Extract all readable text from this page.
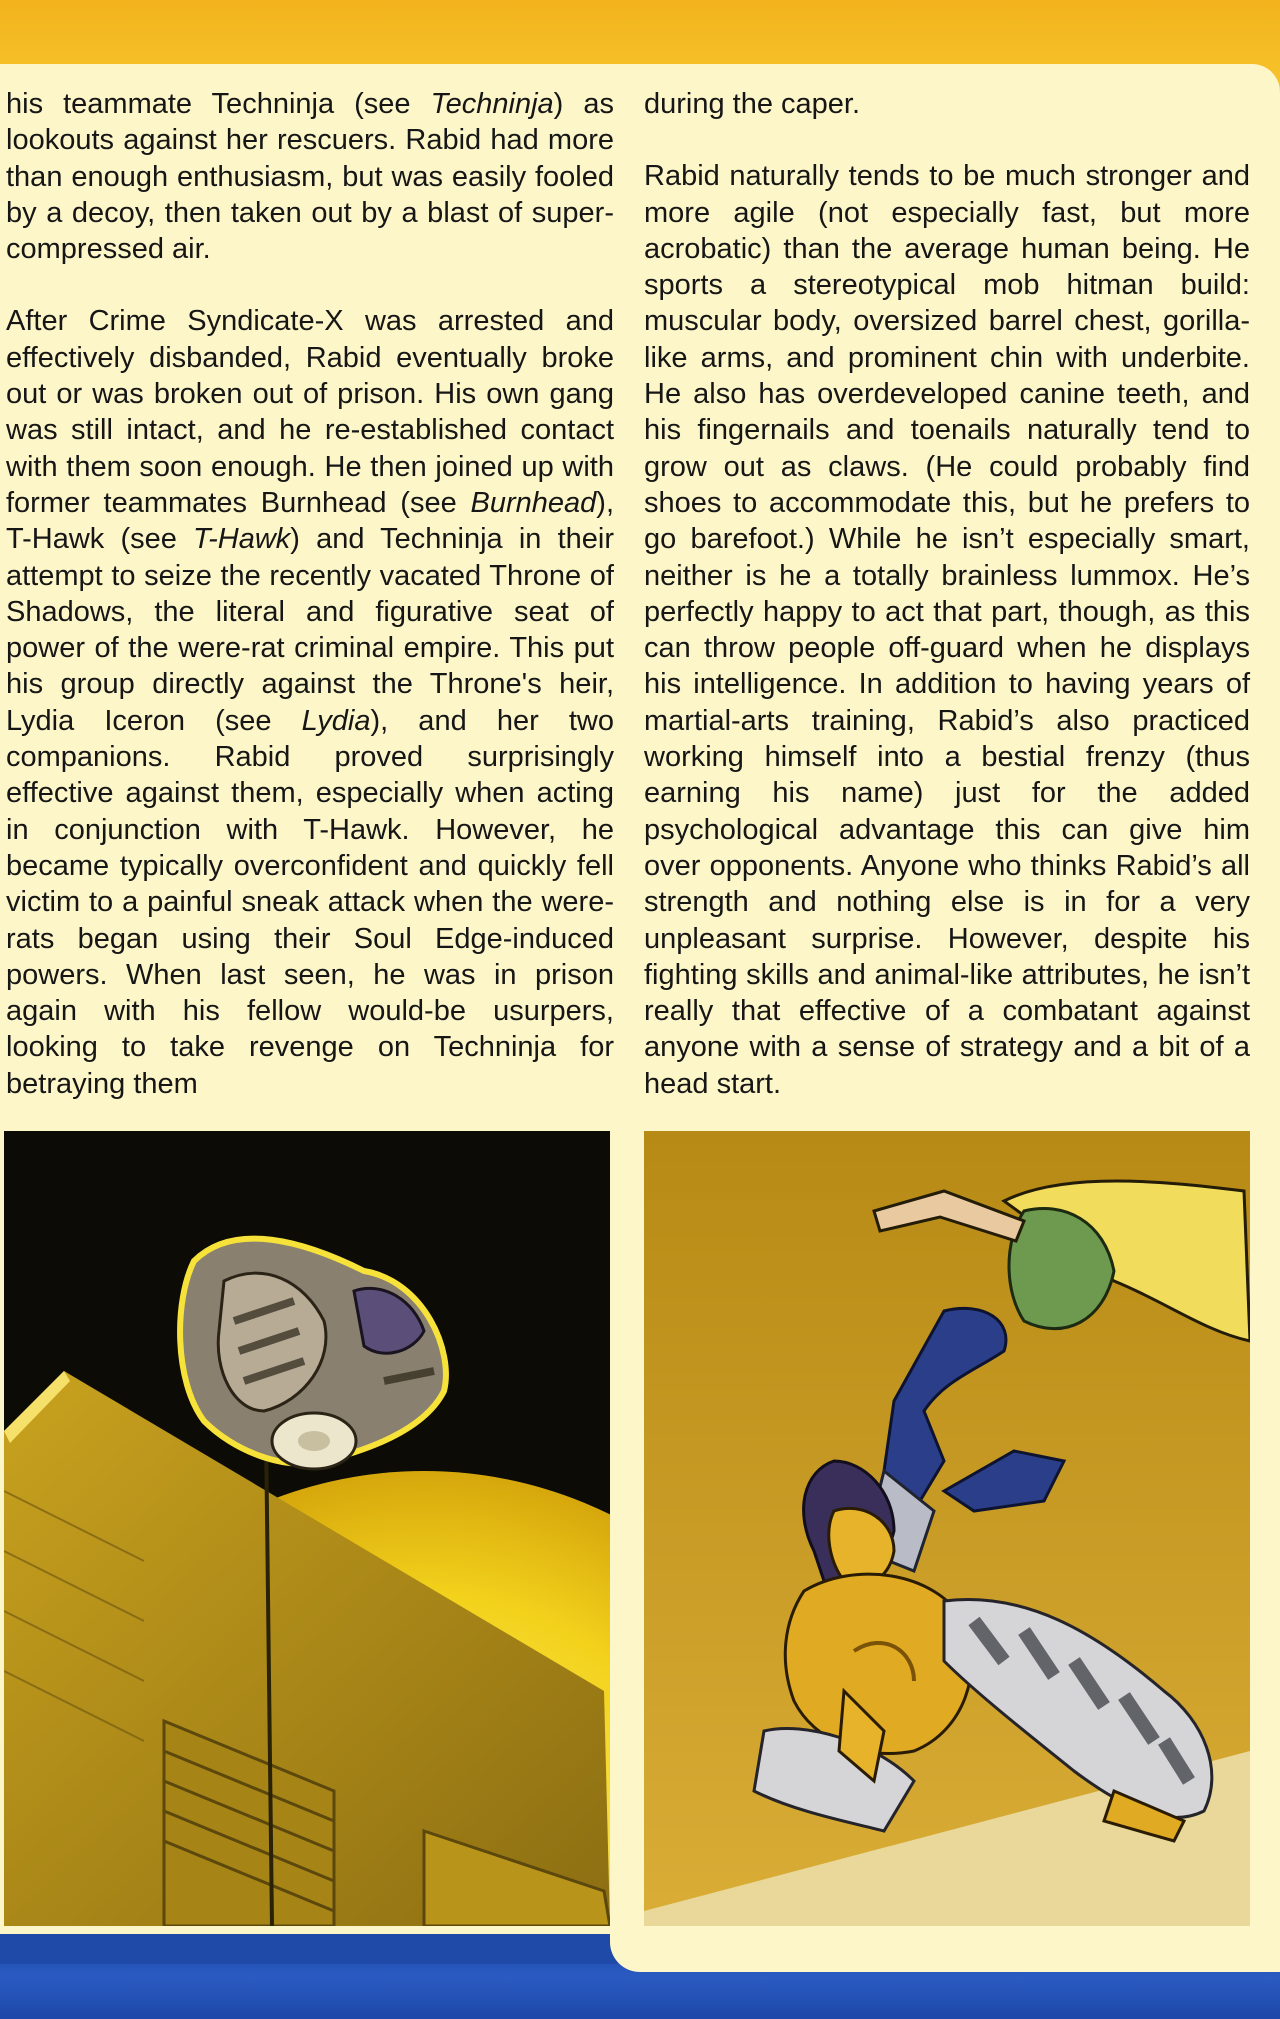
his teammate Techninja (see Techninja) as lookouts against her rescuers. Rabid had more than enough enthusiasm, but was easily fooled by a decoy, then taken out by a blast of super-compressed air.

After Crime Syndicate-X was arrested and effectively disbanded, Rabid eventually broke out or was broken out of prison. His own gang was still intact, and he re-established contact with them soon enough. He then joined up with former teammates Burnhead (see Burnhead), T-Hawk (see T-Hawk) and Techninja in their attempt to seize the recently vacated Throne of Shadows, the literal and figurative seat of power of the were-rat criminal empire. This put his group directly against the Throne's heir, Lydia Iceron (see Lydia), and her two companions. Rabid proved surprisingly effective against them, especially when acting in conjunction with T-Hawk. However, he became typically overconfident and quickly fell victim to a painful sneak attack when the were-rats began using their Soul Edge-induced powers. When last seen, he was in prison again with his fellow would-be usurpers, looking to take revenge on Techninja for betraying them

during the caper.

Rabid naturally tends to be much stronger and more agile (not especially fast, but more acrobatic) than the average human being. He sports a stereotypical mob hitman build: muscular body, oversized barrel chest, gorilla-like arms, and prominent chin with underbite. He also has overdeveloped canine teeth, and his fingernails and toenails naturally tend to grow out as claws. (He could probably find shoes to accommodate this, but he prefers to go barefoot.) While he isn’t especially smart, neither is he a totally brainless lummox. He’s perfectly happy to act that part, though, as this can throw people off-guard when he displays his intelligence. In addition to having years of martial-arts training, Rabid’s also practiced working himself into a bestial frenzy (thus earning his name) just for the added psychological advantage this can give him over opponents. Anyone who thinks Rabid’s all strength and nothing else is in for a very unpleasant surprise. However, despite his fighting skills and animal-like attributes, he isn’t really that effective of a combatant against anyone with a sense of strategy and a bit of a head start.
